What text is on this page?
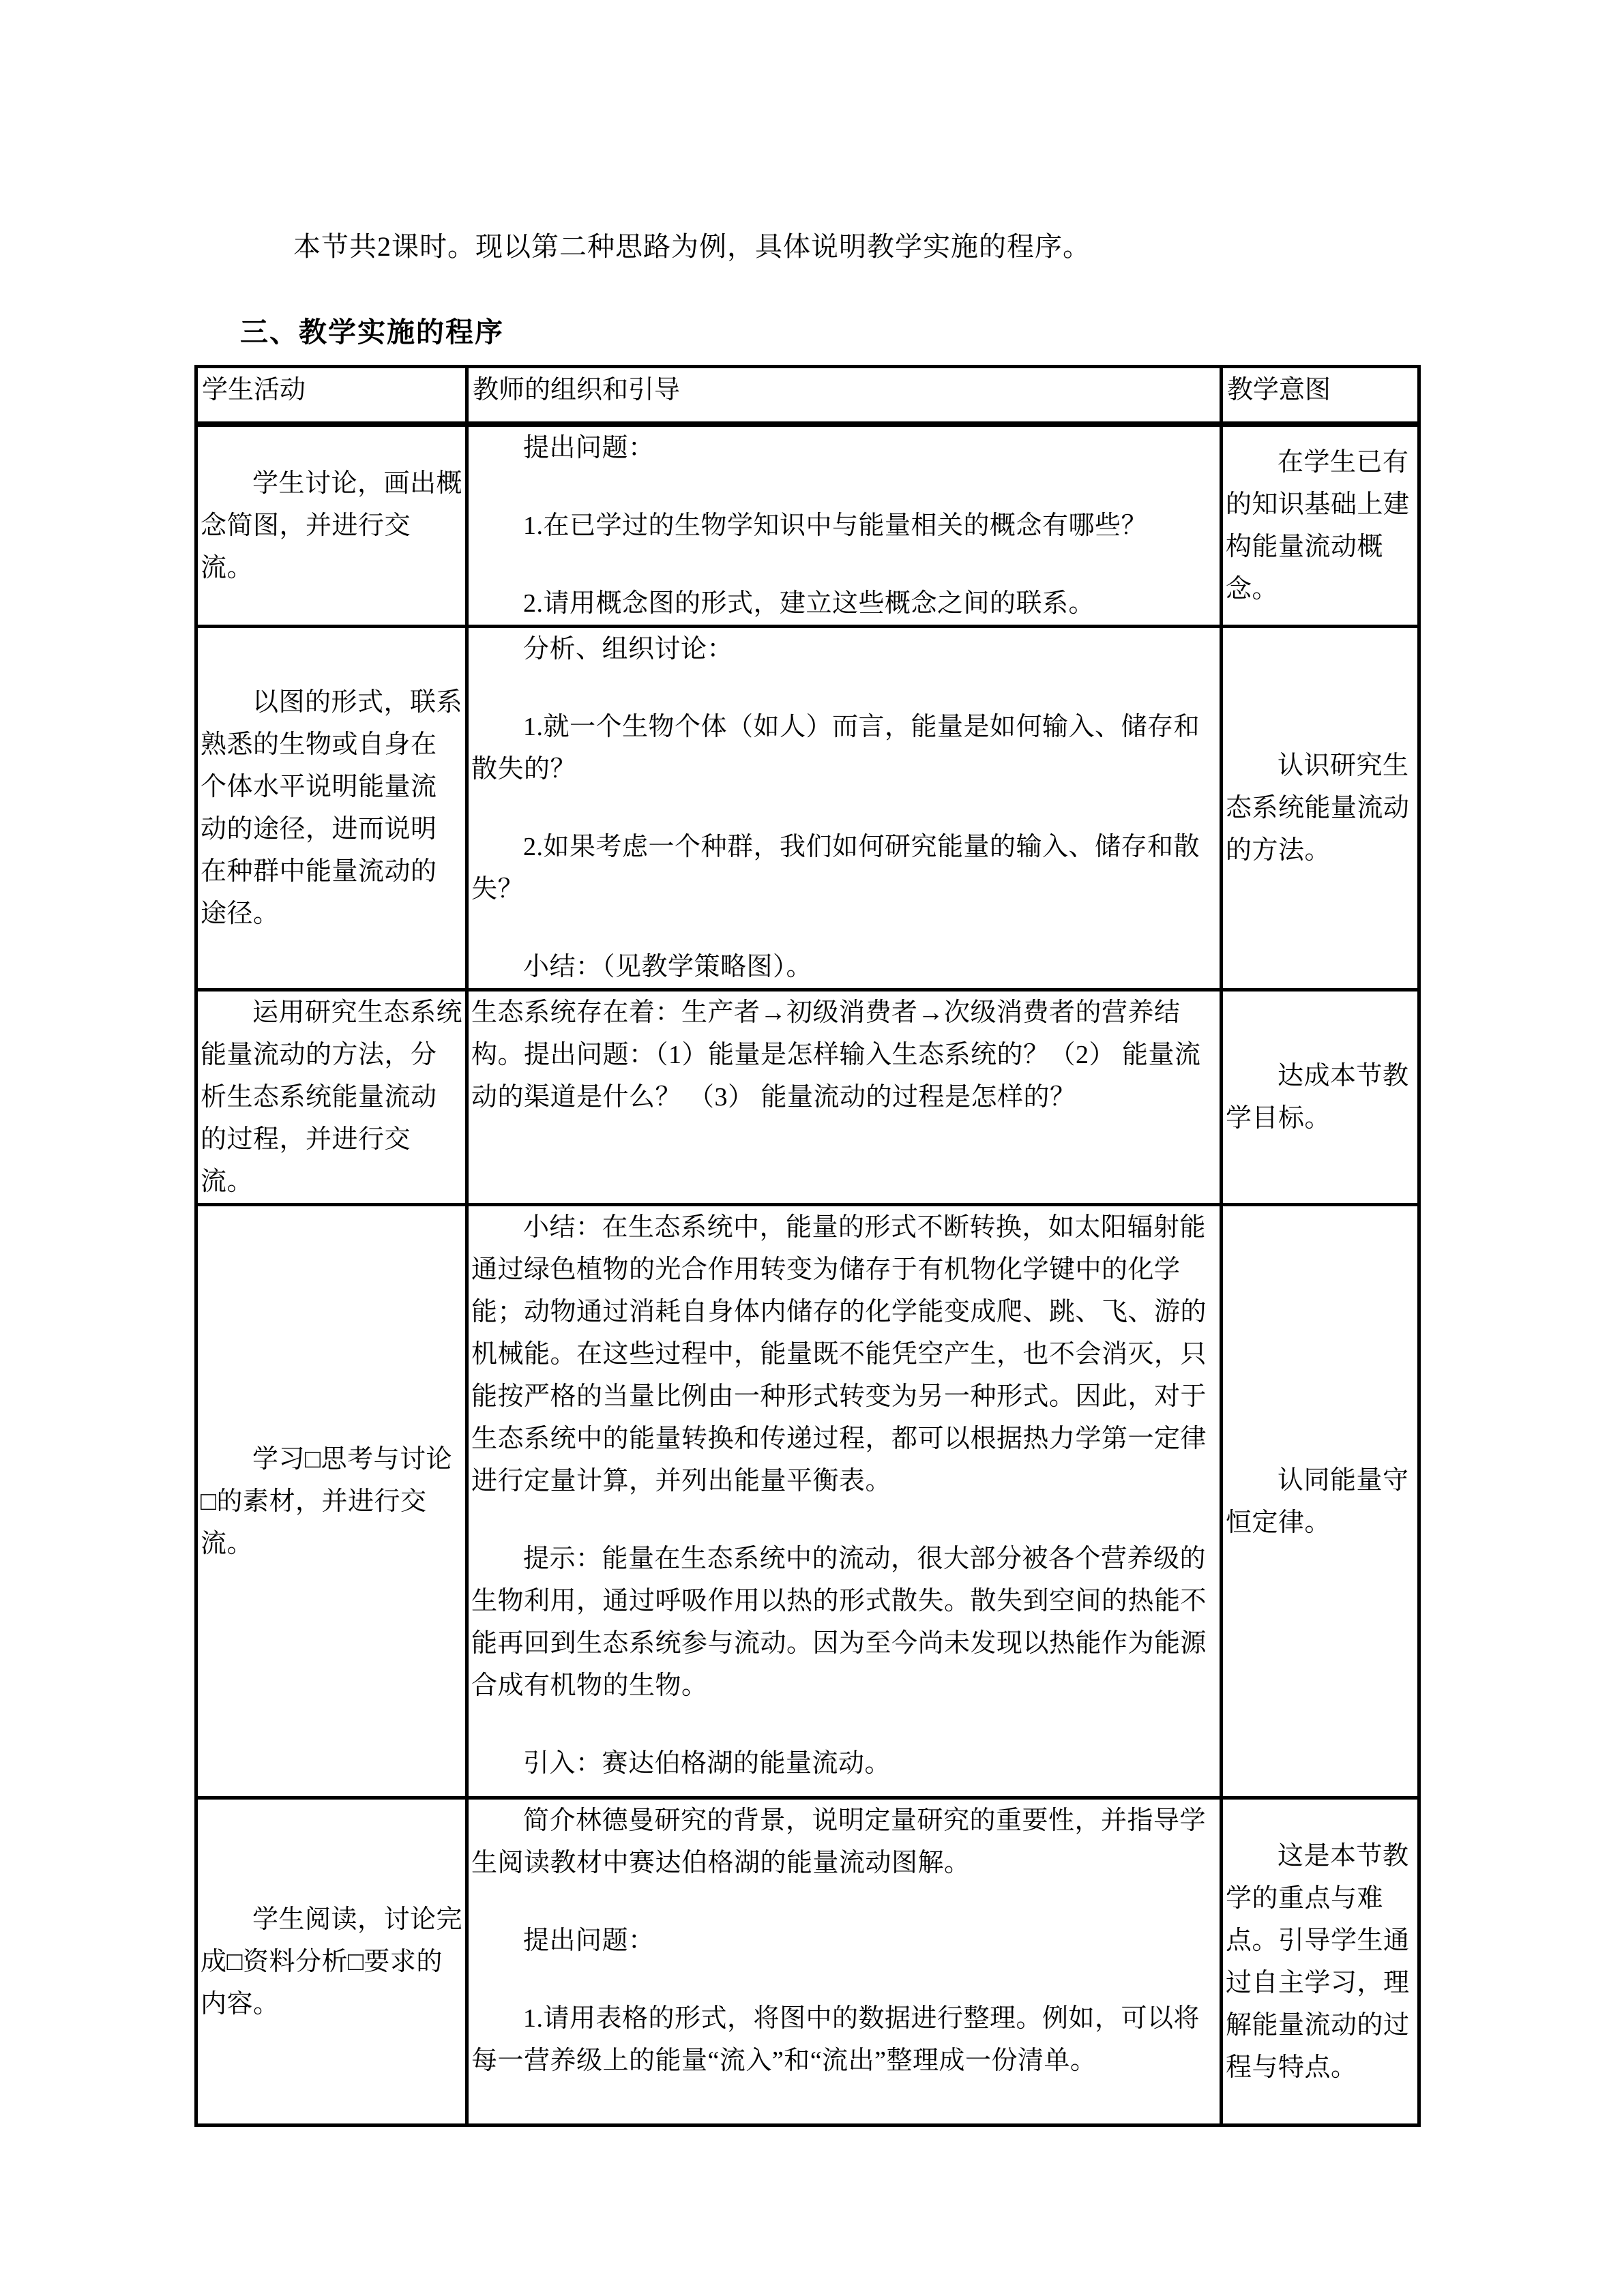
本节共2课时。现以第二种思路为例，具体说明教学实施的程序。

三、教学实施的程序
学生活动	教师的组织和引导	教学意图

学生讨论，画出概念简图，并进行交流。	提出问题：

1.在已学过的生物学知识中与能量相关的概念有哪些？

2.请用概念图的形式，建立这些概念之间的联系。	在学生已有的知识基础上建构能量流动概念。

以图的形式，联系熟悉的生物或自身在个体水平说明能量流动的途径，进而说明在种群中能量流动的途径。	分析、组织讨论：

1.就一个生物个体（如人）而言，能量是如何输入、储存和散失的？

2.如果考虑一个种群，我们如何研究能量的输入、储存和散失？

小结：（见教学策略图）。	认识研究生态系统能量流动的方法。

运用研究生态系统能量流动的方法，分析生态系统能量流动的过程，并进行交流。	生态系统存在着：生产者→初级消费者→次级消费者的营养结构。提出问题：（1）能量是怎样输入生态系统的？（2） 能量流动的渠道是什么？ （3） 能量流动的过程是怎样的？	达成本节教学目标。

学习□思考与讨论□的素材，并进行交流。	小结：在生态系统中，能量的形式不断转换，如太阳辐射能通过绿色植物的光合作用转变为储存于有机物化学键中的化学能；动物通过消耗自身体内储存的化学能变成爬、跳、飞、游的机械能。在这些过程中，能量既不能凭空产生，也不会消灭，只能按严格的当量比例由一种形式转变为另一种形式。因此，对于生态系统中的能量转换和传递过程，都可以根据热力学第一定律进行定量计算，并列出能量平衡表。

提示：能量在生态系统中的流动，很大部分被各个营养级的生物利用，通过呼吸作用以热的形式散失。散失到空间的热能不能再回到生态系统参与流动。因为至今尚未发现以热能作为能源合成有机物的生物。

引入：赛达伯格湖的能量流动。	认同能量守恒定律。

学生阅读，讨论完成□资料分析□要求的内容。	简介林德曼研究的背景，说明定量研究的重要性，并指导学生阅读教材中赛达伯格湖的能量流动图解。

提出问题：

1.请用表格的形式，将图中的数据进行整理。例如，可以将每一营养级上的能量“流入”和“流出”整理成一份清单。	这是本节教学的重点与难点。引导学生通过自主学习，理解能量流动的过程与特点。
